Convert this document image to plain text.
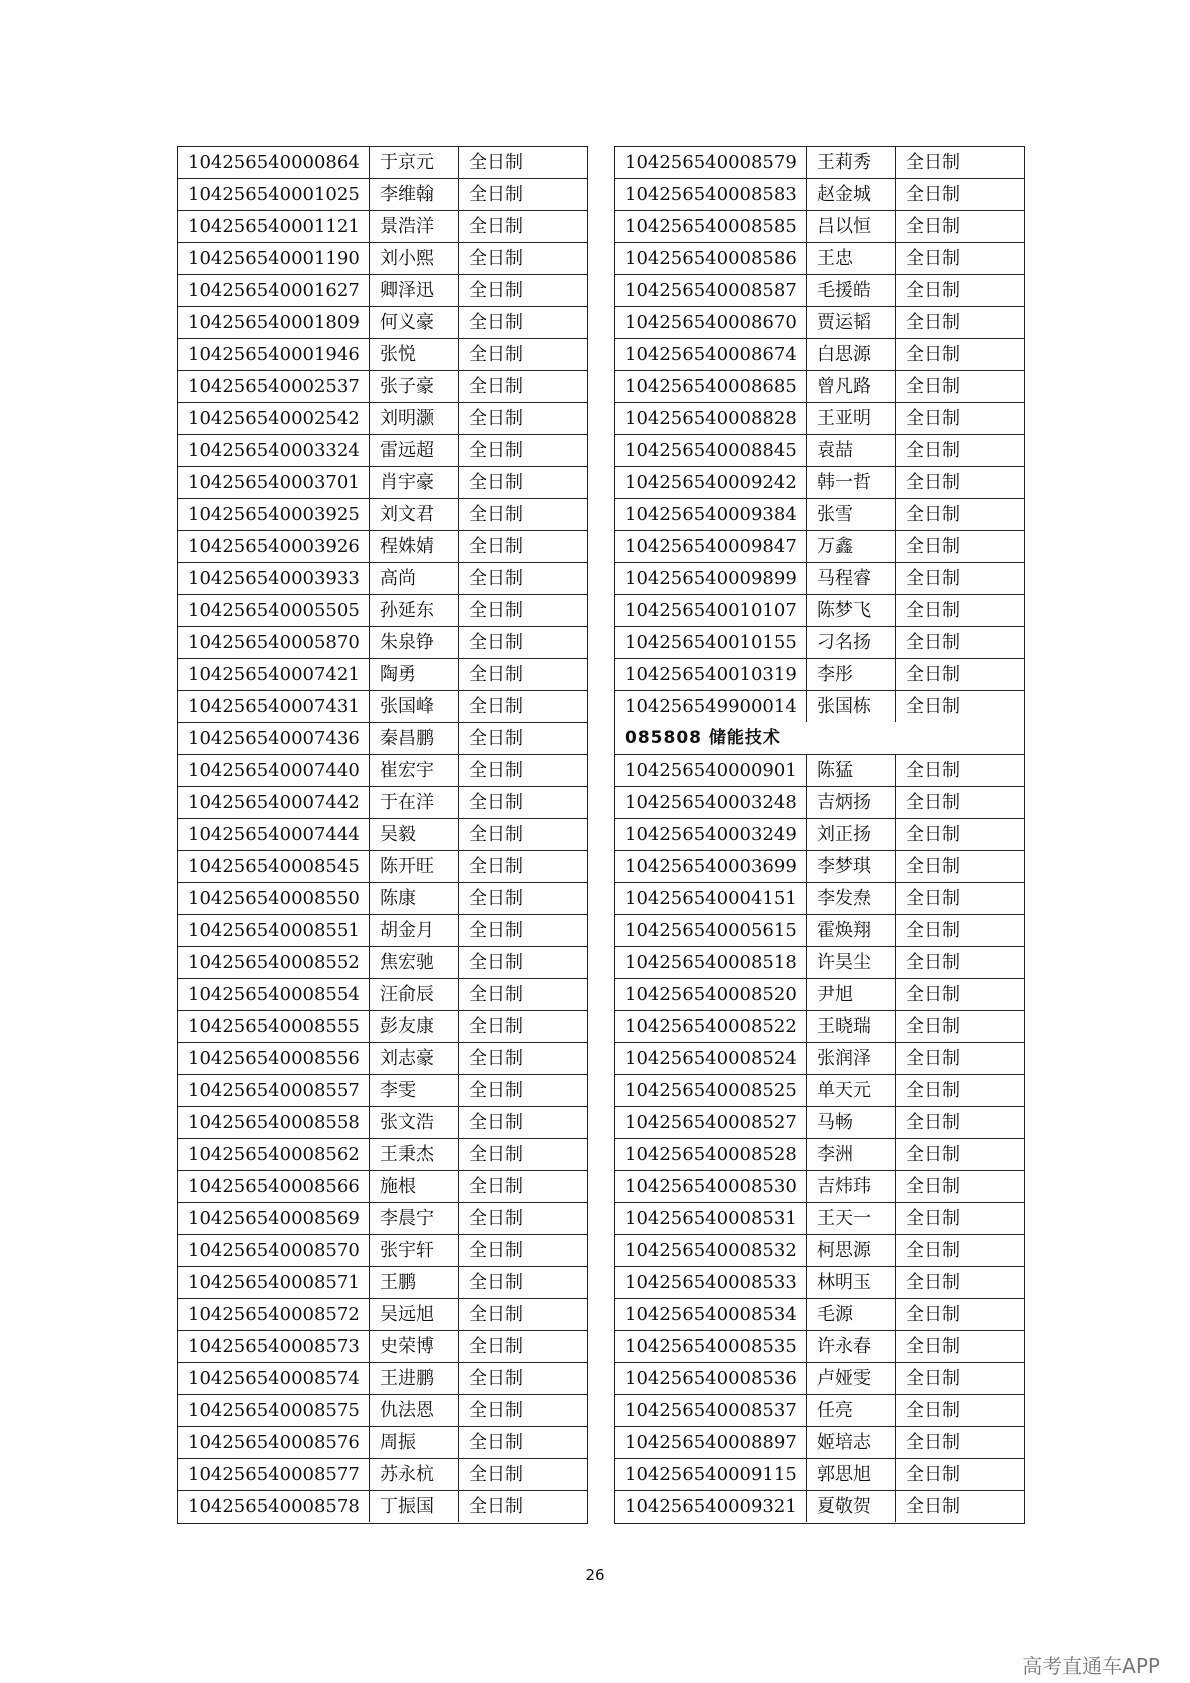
104256540000864	于京元	全日制
104256540001025	李维翰	全日制
104256540001121	景浩洋	全日制
104256540001190	刘小熙	全日制
104256540001627	卿泽迅	全日制
104256540001809	何义豪	全日制
104256540001946	张悦	全日制
104256540002537	张子豪	全日制
104256540002542	刘明灏	全日制
104256540003324	雷远超	全日制
104256540003701	肖宇豪	全日制
104256540003925	刘文君	全日制
104256540003926	程姝婧	全日制
104256540003933	高尚	全日制
104256540005505	孙延东	全日制
104256540005870	朱泉铮	全日制
104256540007421	陶勇	全日制
104256540007431	张国峰	全日制
104256540007436	秦昌鹏	全日制
104256540007440	崔宏宇	全日制
104256540007442	于在洋	全日制
104256540007444	吴毅	全日制
104256540008545	陈开旺	全日制
104256540008550	陈康	全日制
104256540008551	胡金月	全日制
104256540008552	焦宏驰	全日制
104256540008554	汪俞辰	全日制
104256540008555	彭友康	全日制
104256540008556	刘志豪	全日制
104256540008557	李雯	全日制
104256540008558	张文浩	全日制
104256540008562	王秉杰	全日制
104256540008566	施根	全日制
104256540008569	李晨宁	全日制
104256540008570	张宇轩	全日制
104256540008571	王鹏	全日制
104256540008572	吴远旭	全日制
104256540008573	史荣博	全日制
104256540008574	王进鹏	全日制
104256540008575	仇法恩	全日制
104256540008576	周振	全日制
104256540008577	苏永杭	全日制
104256540008578	丁振国	全日制
104256540008579	王莉秀	全日制
104256540008583	赵金城	全日制
104256540008585	吕以恒	全日制
104256540008586	王忠	全日制
104256540008587	毛援皓	全日制
104256540008670	贾运韬	全日制
104256540008674	白思源	全日制
104256540008685	曾凡路	全日制
104256540008828	王亚明	全日制
104256540008845	袁喆	全日制
104256540009242	韩一哲	全日制
104256540009384	张雪	全日制
104256540009847	万鑫	全日制
104256540009899	马程睿	全日制
104256540010107	陈梦飞	全日制
104256540010155	刁名扬	全日制
104256540010319	李彤	全日制
104256549900014	张国栋	全日制
085808 储能技术
104256540000901	陈猛	全日制
104256540003248	吉炳扬	全日制
104256540003249	刘正扬	全日制
104256540003699	李梦琪	全日制
104256540004151	李发焘	全日制
104256540005615	霍焕翔	全日制
104256540008518	许昊尘	全日制
104256540008520	尹旭	全日制
104256540008522	王晓瑞	全日制
104256540008524	张润泽	全日制
104256540008525	单天元	全日制
104256540008527	马畅	全日制
104256540008528	李洲	全日制
104256540008530	吉炜玮	全日制
104256540008531	王天一	全日制
104256540008532	柯思源	全日制
104256540008533	林明玉	全日制
104256540008534	毛源	全日制
104256540008535	许永春	全日制
104256540008536	卢娅雯	全日制
104256540008537	任亮	全日制
104256540008897	姬培志	全日制
104256540009115	郭思旭	全日制
104256540009321	夏敬贺	全日制
26
高考直通车APP
